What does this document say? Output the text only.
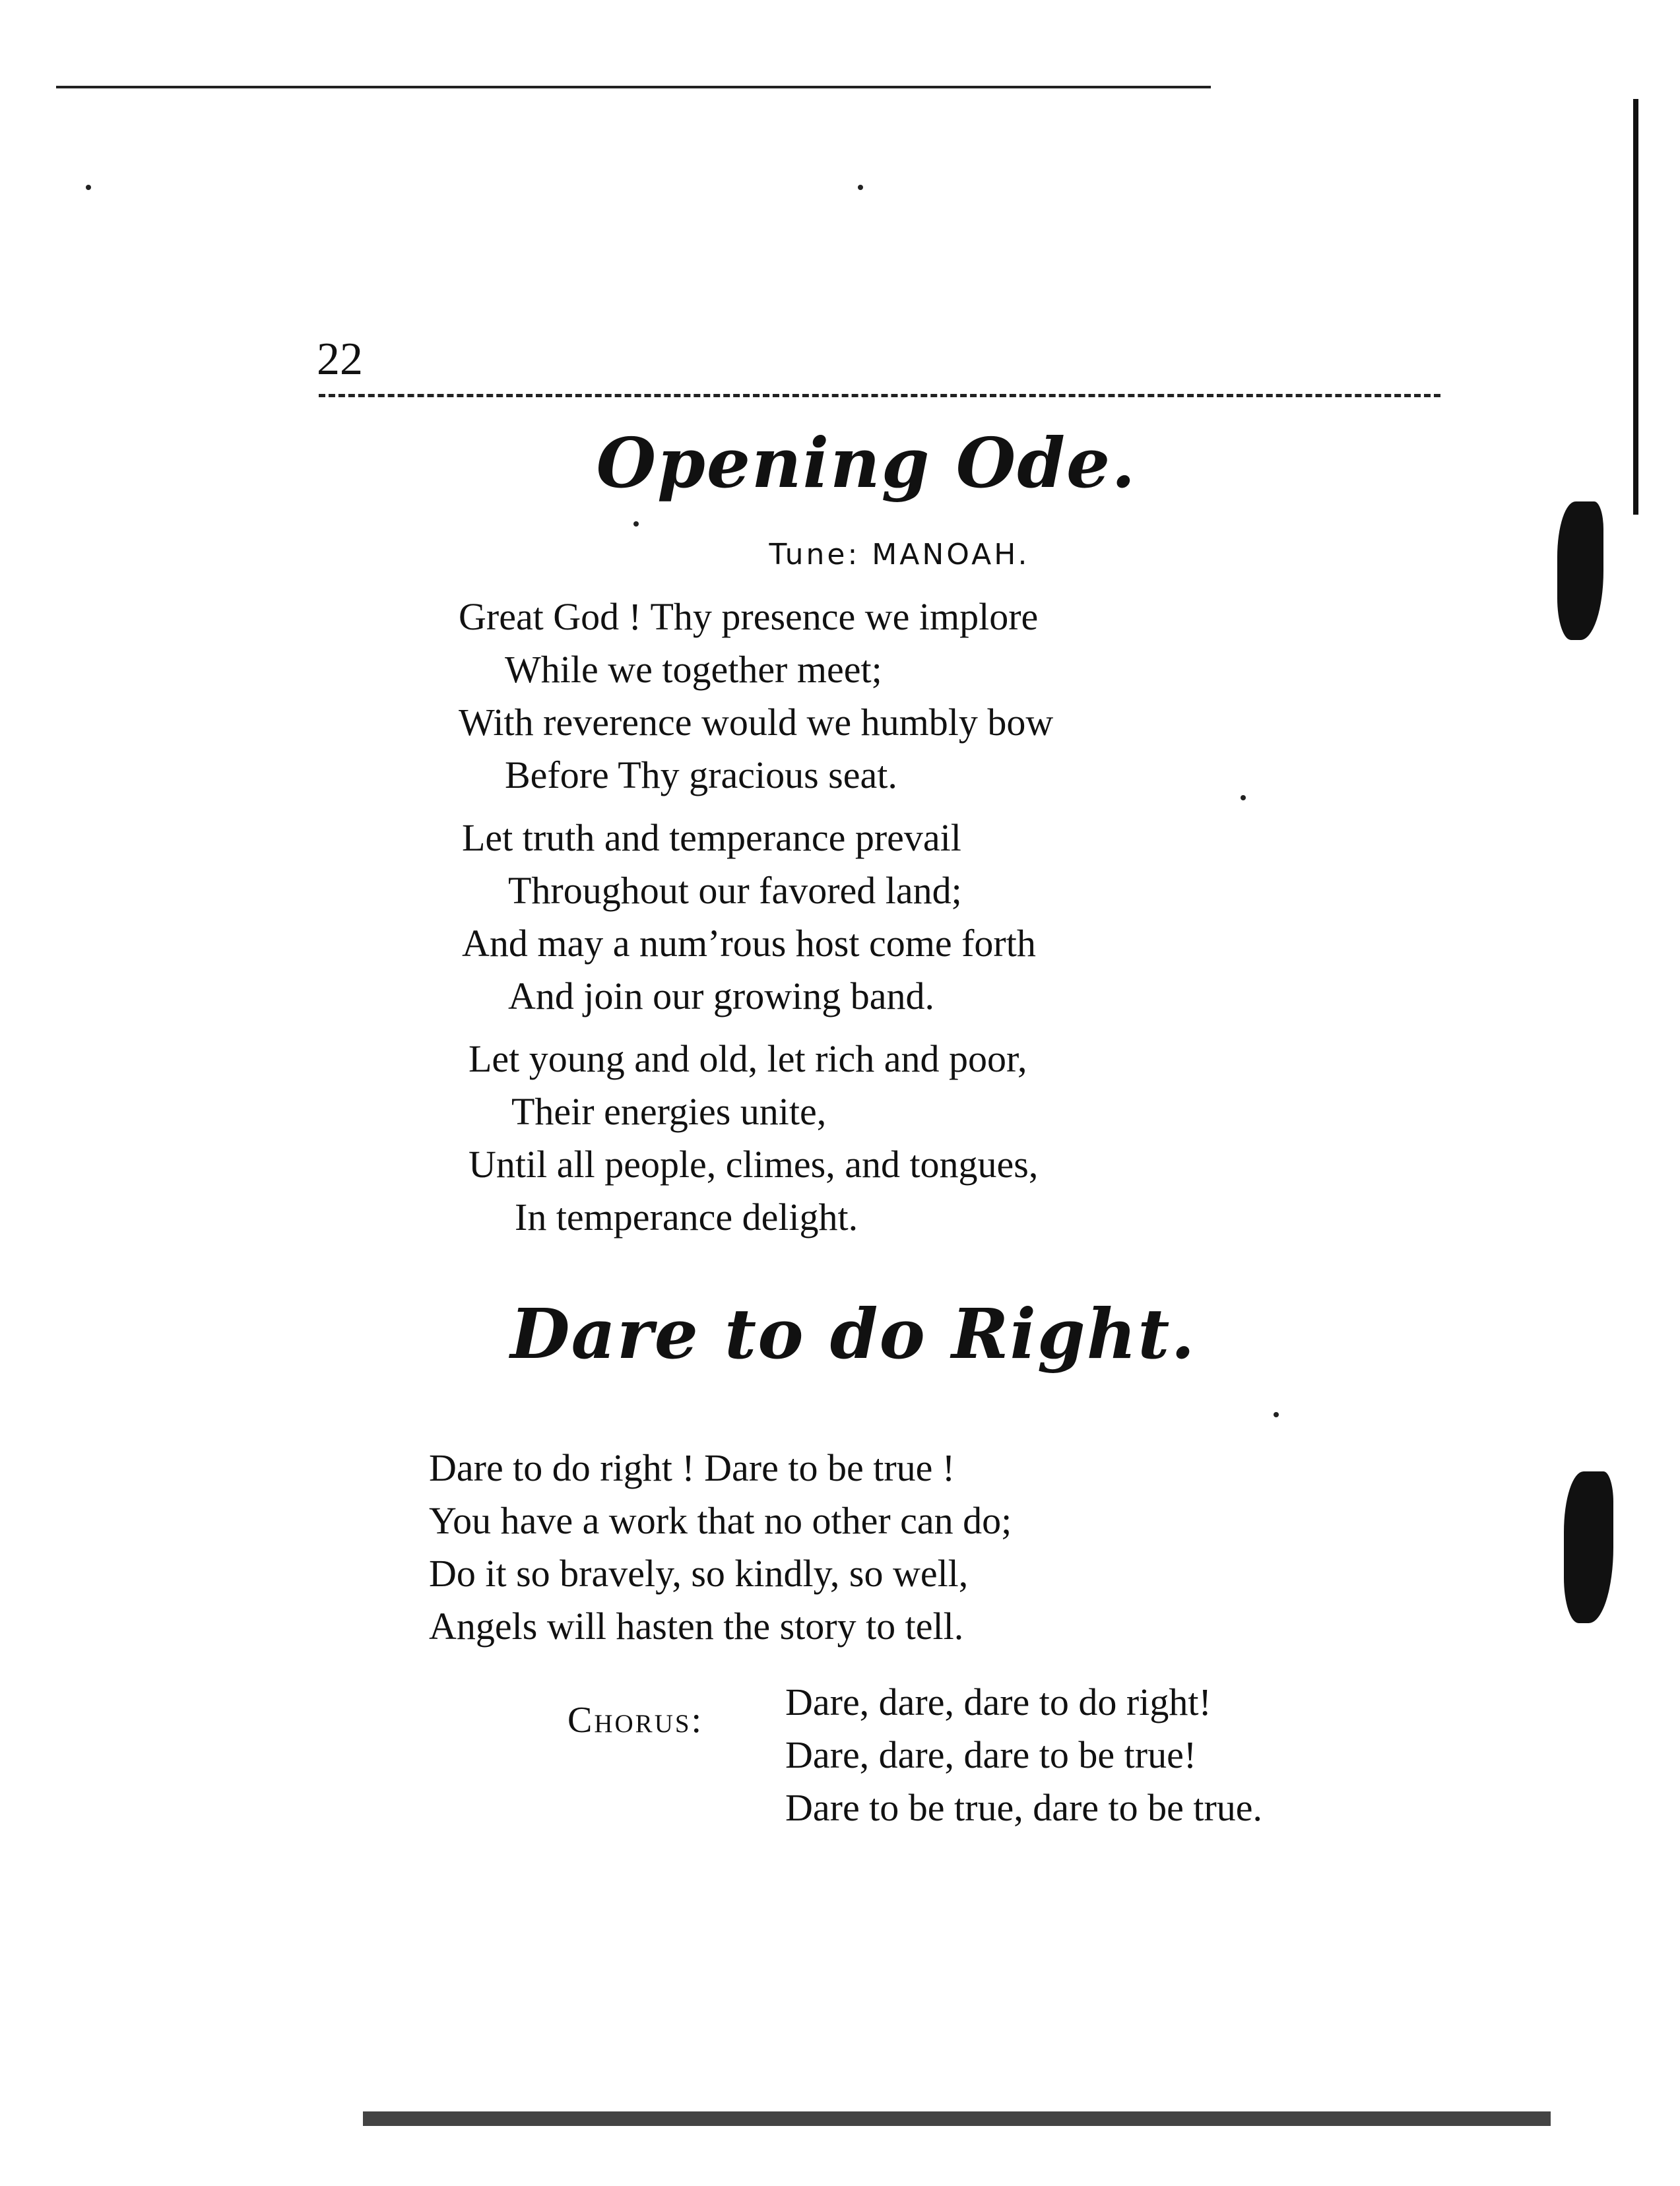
22
Opening Ode.
Tune: MANOAH.
Great God ! Thy presence we implore
While we together meet;
With reverence would we humbly bow
Before Thy gracious seat.
Let truth and temperance prevail
Throughout our favored land;
And may a num’rous host come forth
And join our growing band.
Let young and old, let rich and poor,
Their energies unite,
Until all people, climes, and tongues,
In temperance delight.
Dare to do Right.
Dare to do right ! Dare to be true !
You have a work that no other can do;
Do it so bravely, so kindly, so well,
Angels will hasten the story to tell.
Chorus: Dare, dare, dare to do right!
Dare, dare, dare to be true!
Dare to be true, dare to be true.
